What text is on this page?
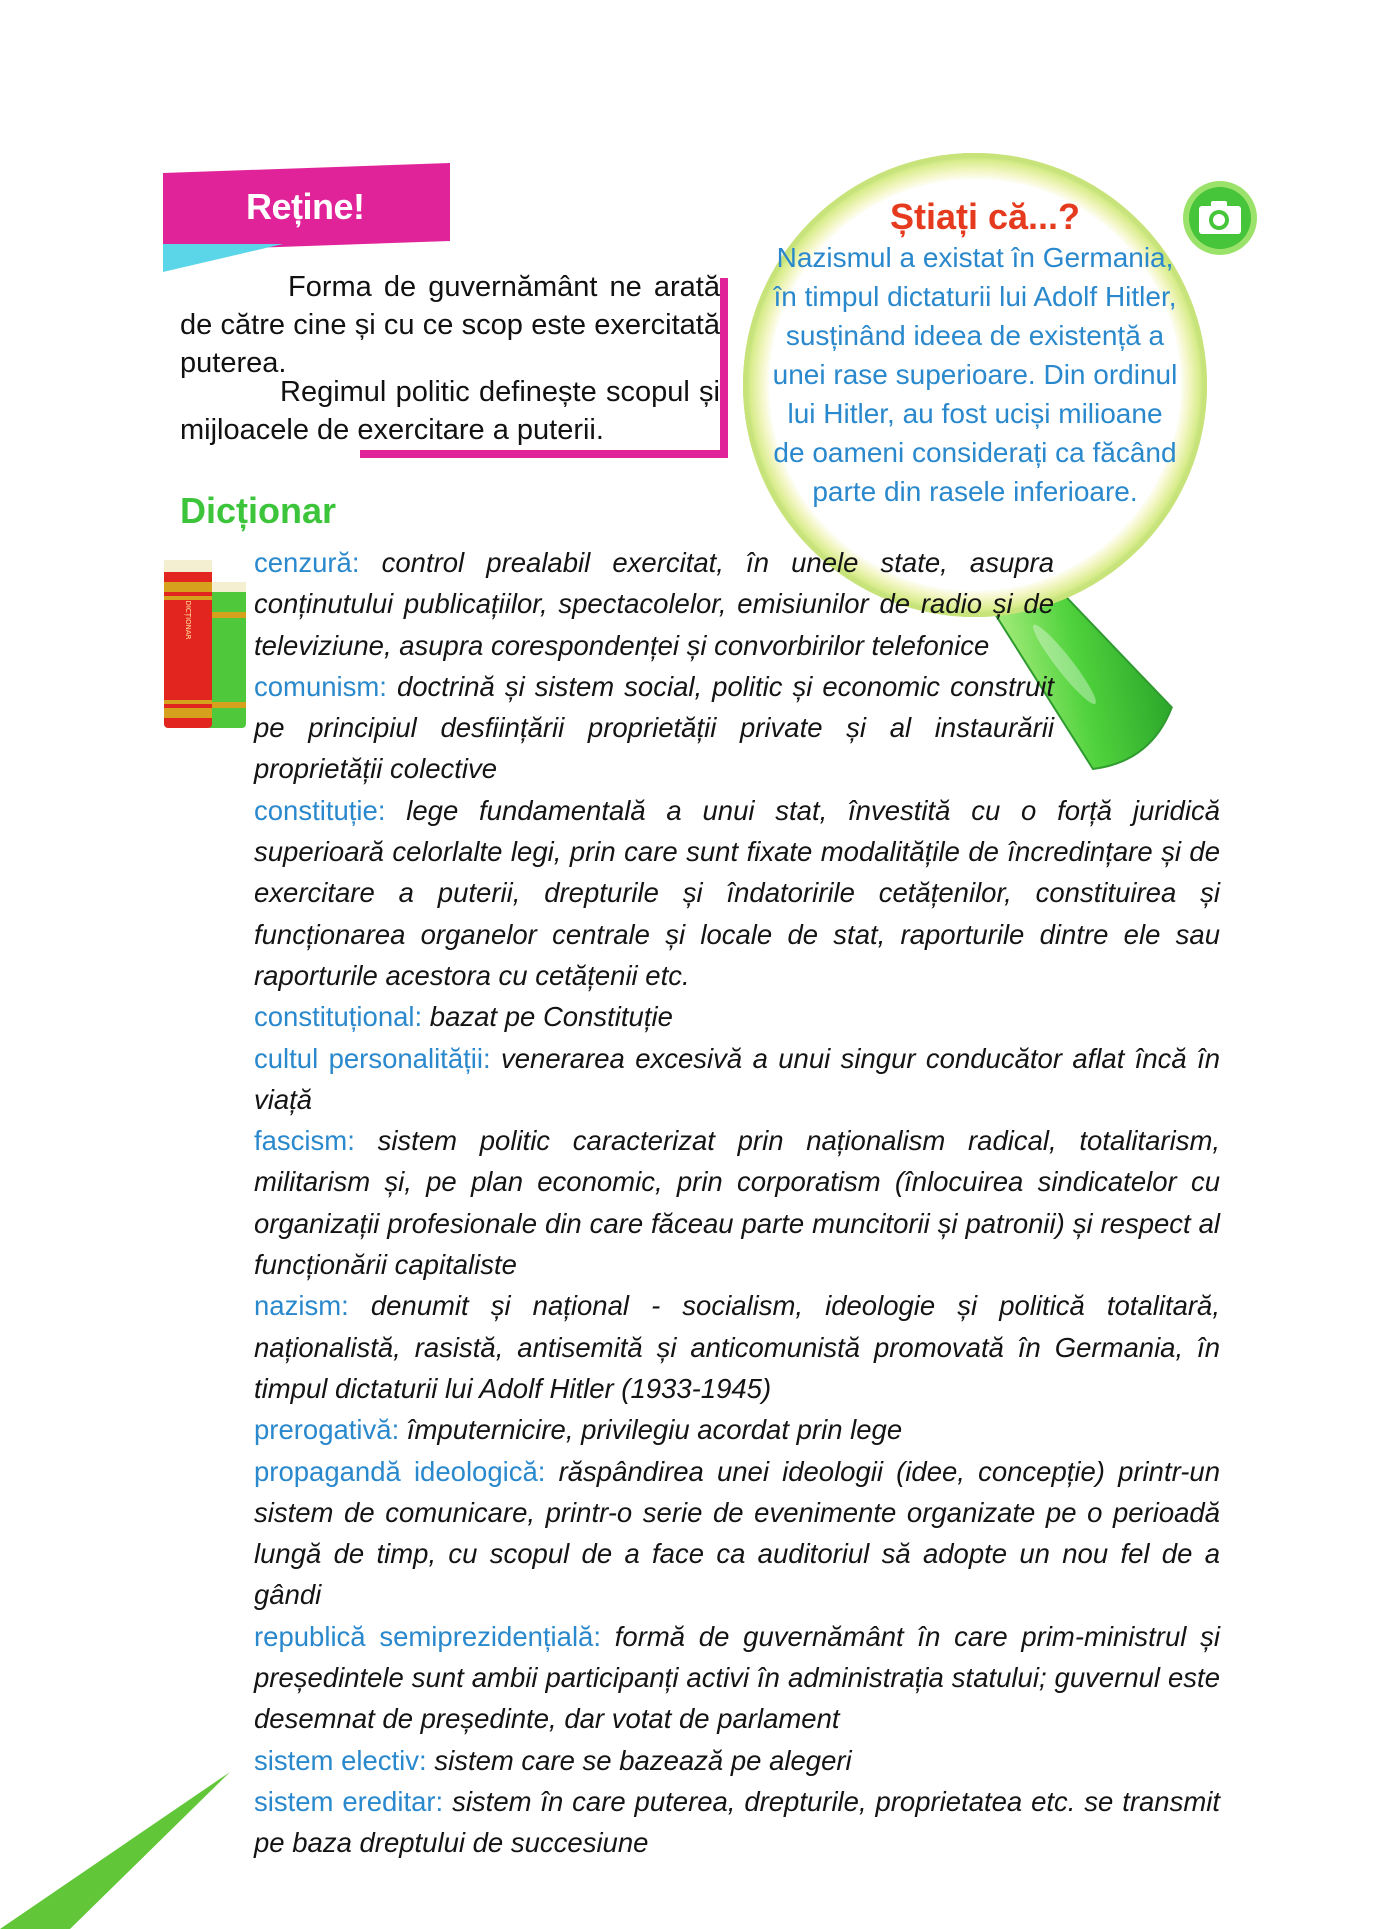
Reține!
Forma de guvernământ ne arată de către cine și cu ce scop este exercitată puterea.
Regimul politic definește scopul și mijloacele de exercitare a puterii.
Știați că...?
Nazismul a existat în Germania, în timpul dictaturii lui Adolf Hitler, susținând ideea de existență a unei rase superioare. Din ordinul lui Hitler, au fost uciși milioane de oameni considerați ca făcând parte din rasele inferioare.
Dicționar
DICȚIONAR
cenzură: control prealabil exercitat, în unele state, asupra conținutului publicațiilor, spectacolelor, emisiunilor de radio și de televiziune, asupra corespondenței și convorbirilor telefonice
comunism: doctrină și sistem social, politic și economic construit pe principiul desființării proprietății private și al instaurării proprietății colective
constituție: lege fundamentală a unui stat, învestită cu o forță juridică superioară celorlalte legi, prin care sunt fixate modalitățile de încredințare și de exercitare a puterii, drepturile și îndatoririle cetățenilor, constituirea și funcționarea organelor centrale și locale de stat, raporturile dintre ele sau raporturile acestora cu cetățenii etc.
constituțional: bazat pe Constituție
cultul personalității: venerarea excesivă a unui singur conducător aflat încă în viață
fascism: sistem politic caracterizat prin naționalism radical, totalitarism, militarism și, pe plan economic, prin corporatism (înlocuirea sindicatelor cu organizații profesionale din care făceau parte muncitorii și patronii) și respect al funcționării capitaliste
nazism: denumit și național - socialism, ideologie și politică totalitară, naționalistă, rasistă, antisemită și anticomunistă promovată în Germania, în timpul dictaturii lui Adolf Hitler (1933-1945)
prerogativă: împuternicire, privilegiu acordat prin lege
propagandă ideologică: răspândirea unei ideologii (idee, concepție) printr-un sistem de comunicare, printr-o serie de evenimente organizate pe o perioadă lungă de timp, cu scopul de a face ca auditoriul să adopte un nou fel de a gândi
republică semiprezidențială: formă de guvernământ în care prim-ministrul și președintele sunt ambii participanți activi în administrația statului; guvernul este desemnat de președinte, dar votat de parlament
sistem electiv: sistem care se bazează pe alegeri
sistem ereditar: sistem în care puterea, drepturile, proprietatea etc. se transmit pe baza dreptului de succesiune
20
